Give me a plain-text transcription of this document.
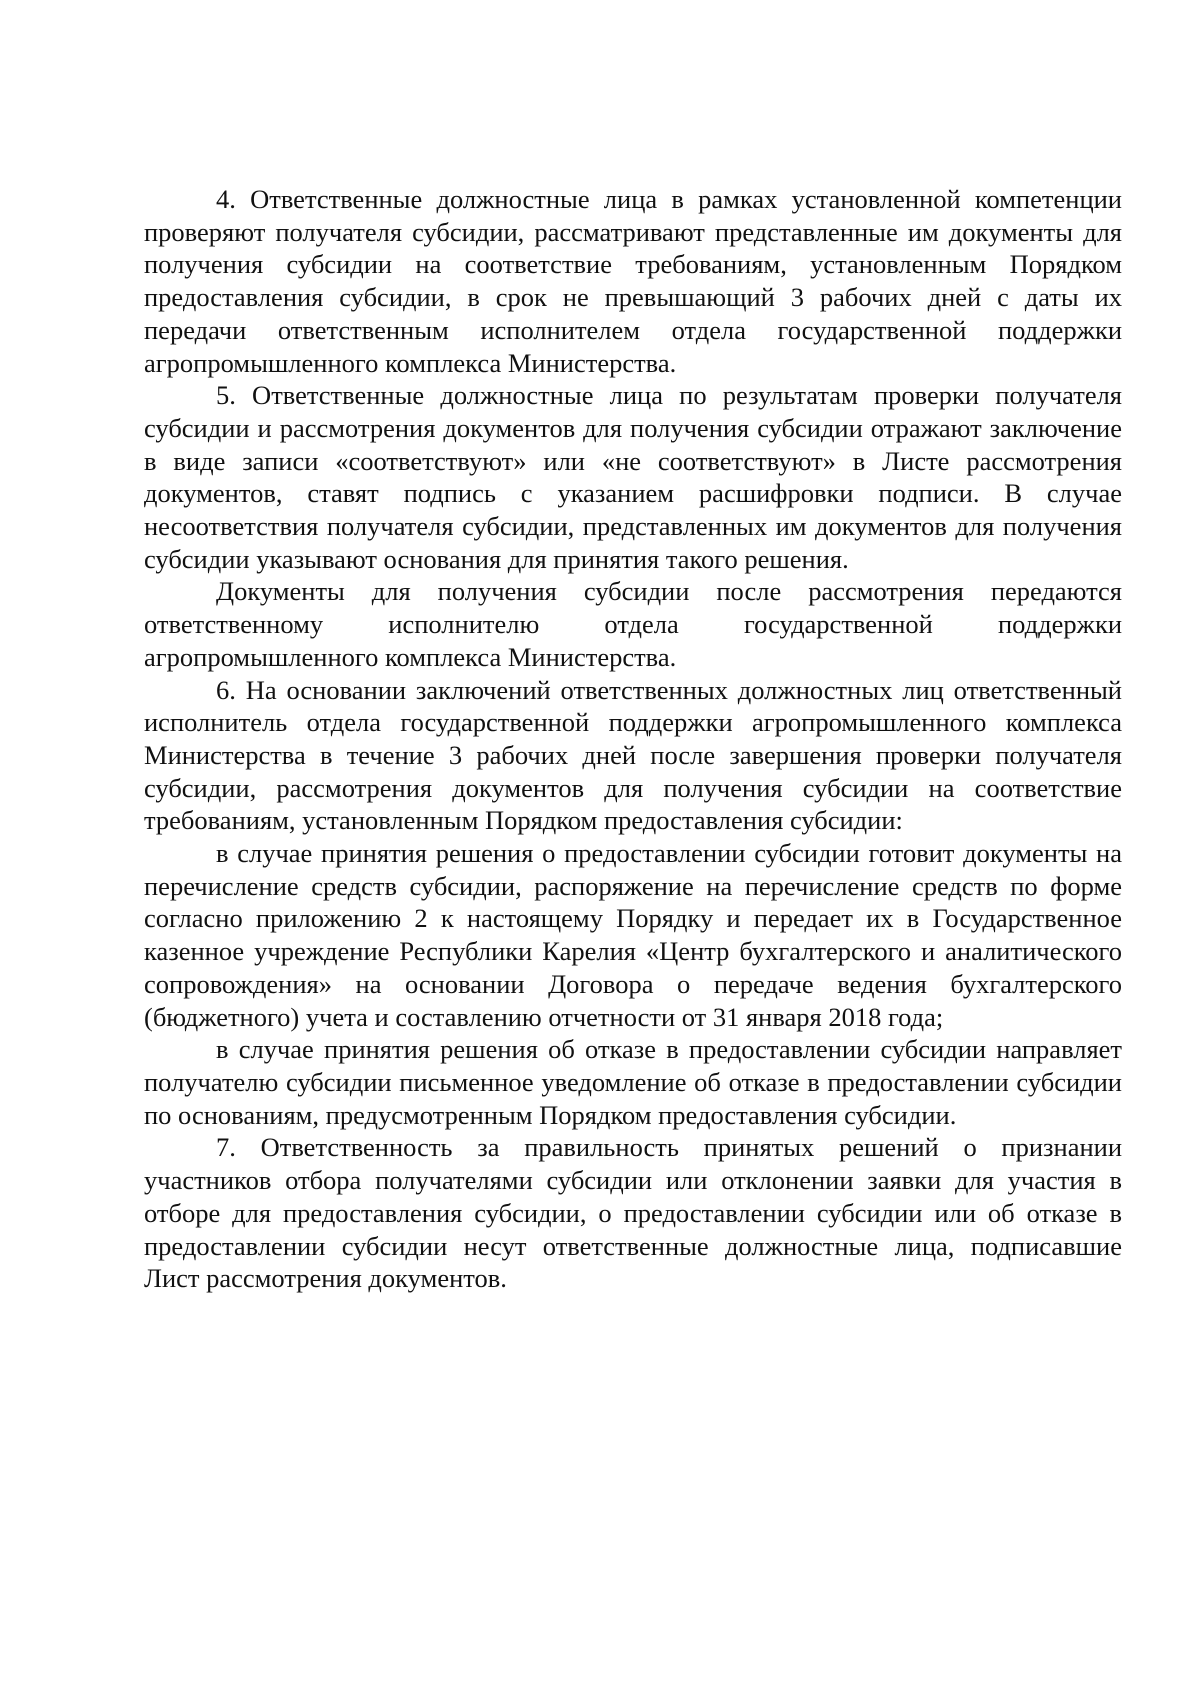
4. Ответственные должностные лица в рамках установленной компетенции проверяют получателя субсидии, рассматривают представленные им документы для получения субсидии на соответствие требованиям, установленным Порядком предоставления субсидии, в срок не превышающий 3 рабочих дней с даты их передачи ответственным исполнителем отдела государственной поддержки агропромышленного комплекса Министерства.

5. Ответственные должностные лица по результатам проверки получателя субсидии и рассмотрения документов для получения субсидии отражают заключение в виде записи «соответствуют» или «не соответствуют» в Листе рассмотрения документов, ставят подпись с указанием расшифровки подписи. В случае несоответствия получателя субсидии, представленных им документов для получения субсидии указывают основания для принятия такого решения.

Документы для получения субсидии после рассмотрения передаются ответственному исполнителю отдела государственной поддержки агропромышленного комплекса Министерства.

6. На основании заключений ответственных должностных лиц ответственный исполнитель отдела государственной поддержки агропромышленного комплекса Министерства в течение 3 рабочих дней после завершения проверки получателя субсидии, рассмотрения документов для получения субсидии на соответствие требованиям, установленным Порядком предоставления субсидии:

в случае принятия решения о предоставлении субсидии готовит документы на перечисление средств субсидии, распоряжение на перечисление средств по форме согласно приложению 2 к настоящему Порядку и передает их в Государственное казенное учреждение Республики Карелия «Центр бухгалтерского и аналитического сопровождения» на основании Договора о передаче ведения бухгалтерского (бюджетного) учета и составлению отчетности от 31 января 2018 года;

в случае принятия решения об отказе в предоставлении субсидии направляет получателю субсидии письменное уведомление об отказе в предоставлении субсидии по основаниям, предусмотренным Порядком предоставления субсидии.

7. Ответственность за правильность принятых решений о признании участников отбора получателями субсидии или отклонении заявки для участия в отборе для предоставления субсидии, о предоставлении субсидии или об отказе в предоставлении субсидии несут ответственные должностные лица, подписавшие Лист рассмотрения документов.
